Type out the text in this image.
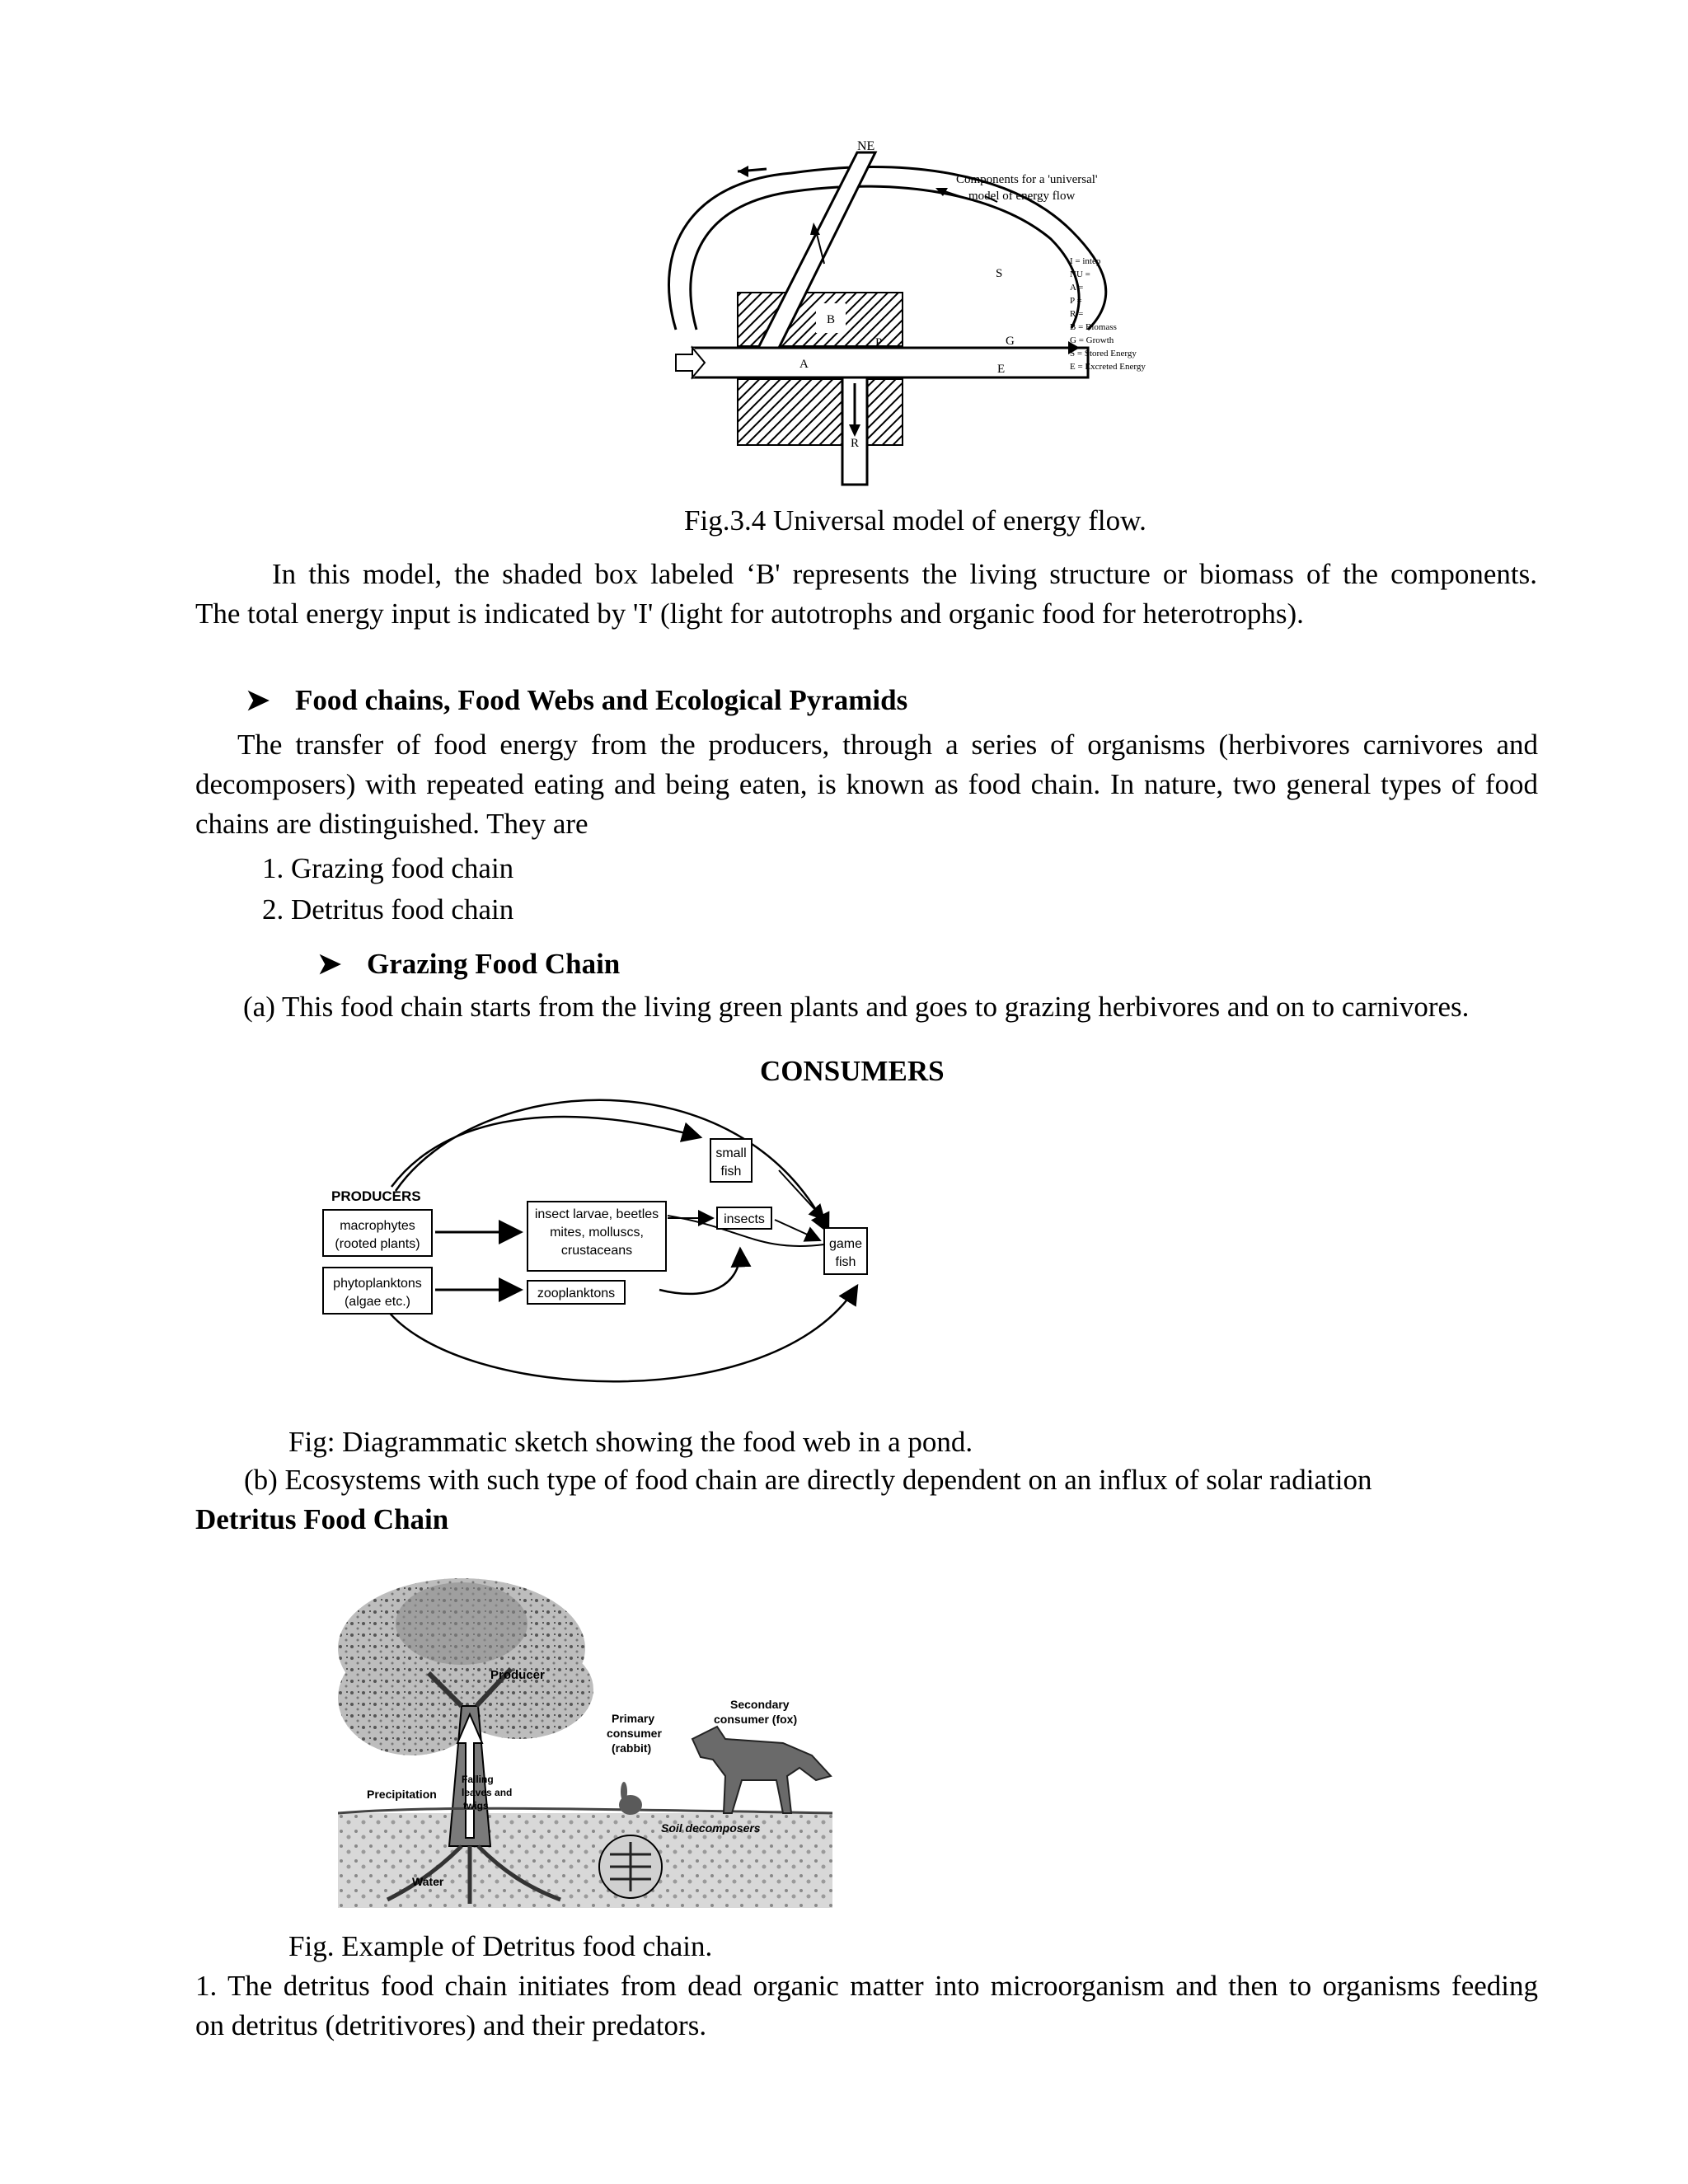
NE
B
A
P	G
S
E
R
Components for a 'universal'
model of energy flow
I = intep
NU =
A =
P =
R =
B = Biomass
G = Growth
S = Stored Energy
E = Excreted Energy
Fig.3.4 Universal model of energy flow.
In this model, the shaded box labeled ‘B' represents the living structure or biomass of the components.
The total energy input is indicated by 'I' (light for autotrophs and organic food for heterotrophs).
➤ Food chains, Food Webs and Ecological Pyramids
The transfer of food energy from the producers, through a series of organisms (herbivores carnivores and
decomposers) with repeated eating and being eaten, is known as food chain. In nature, two general types of food
chains are distinguished. They are
1. Grazing food chain
2. Detritus food chain
➤ Grazing Food Chain
(a) This food chain starts from the living green plants and goes to grazing herbivores and on to carnivores.
CONSUMERS
PRODUCERS
macrophytes
(rooted plants)
phytoplanktons
(algae etc.)
insect larvae, beetles
mites, molluscs,
crustaceans
zooplanktons
small
fish
insects
game
fish
Fig: Diagrammatic sketch showing the food web in a pond.
(b) Ecosystems with such type of food chain are directly dependent on an influx of solar radiation
Detritus Food Chain
Producer
Primary
consumer
(rabbit)
Secondary
consumer (fox)
Falling
leaves and
twigs
Precipitation
Soil decomposers
Water
Fig. Example of Detritus food chain.
1. The detritus food chain initiates from dead organic matter into microorganism and then to organisms feeding
on detritus (detritivores) and their predators.
